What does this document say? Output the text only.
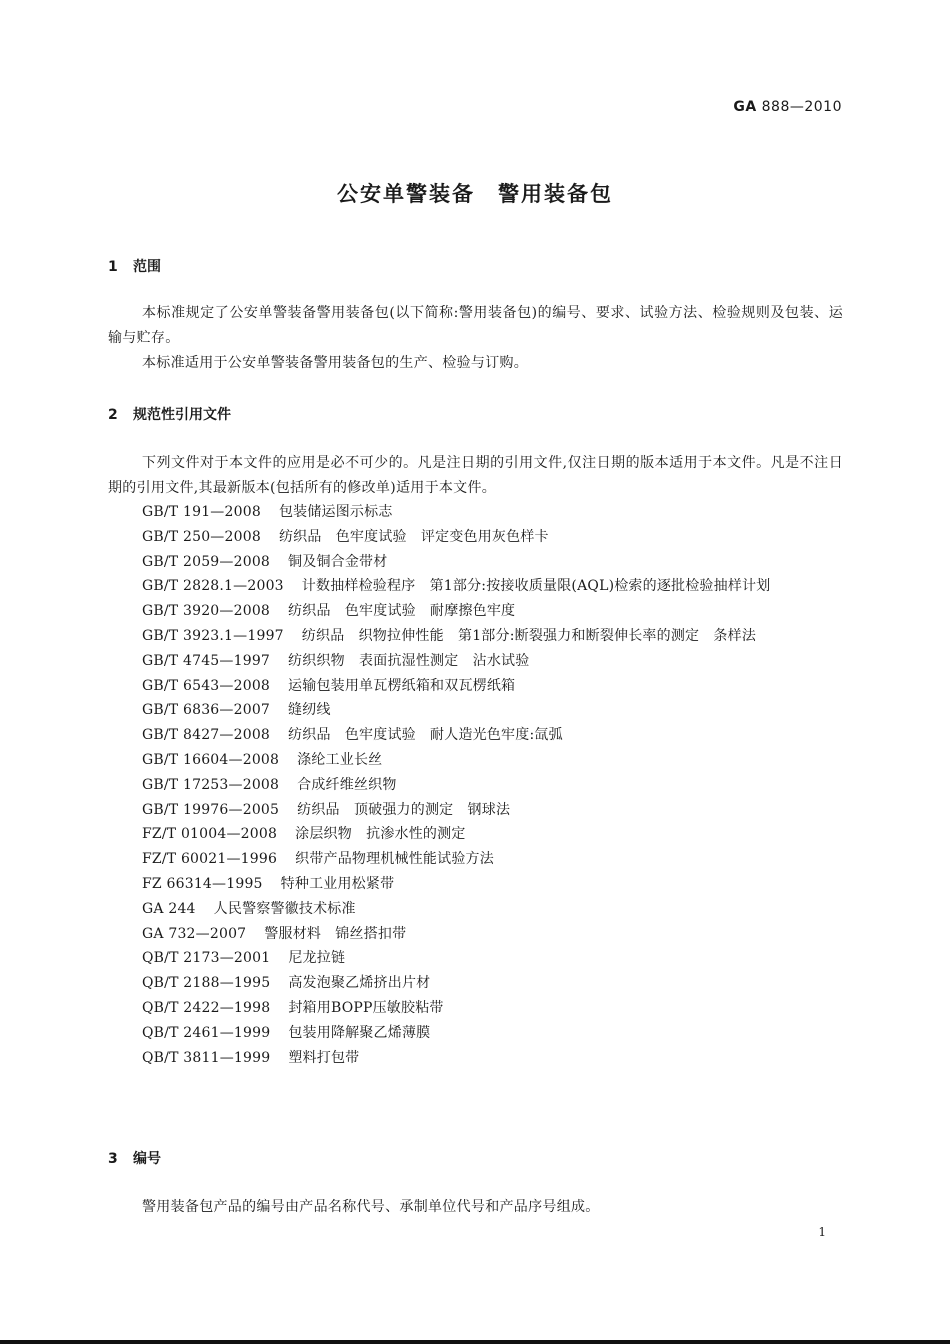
GA 888—2010
公安单警装备　警用装备包
1 范围

本标准规定了公安单警装备警用装备包(以下简称:警用装备包)的编号、要求、试验方法、检验规则及包装、运输与贮存。

本标准适用于公安单警装备警用装备包的生产、检验与订购。

2 规范性引用文件

下列文件对于本文件的应用是必不可少的。凡是注日期的引用文件,仅注日期的版本适用于本文件。凡是不注日期的引用文件,其最新版本(包括所有的修改单)适用于本文件。

GB/T 191—2008 包装储运图示标志
GB/T 250—2008 纺织品　色牢度试验　评定变色用灰色样卡
GB/T 2059—2008 铜及铜合金带材
GB/T 2828.1—2003 计数抽样检验程序　第1部分:按接收质量限(AQL)检索的逐批检验抽样计划
GB/T 3920—2008 纺织品　色牢度试验　耐摩擦色牢度
GB/T 3923.1—1997 纺织品　织物拉伸性能　第1部分:断裂强力和断裂伸长率的测定　条样法
GB/T 4745—1997 纺织织物　表面抗湿性测定　沾水试验
GB/T 6543—2008 运输包装用单瓦楞纸箱和双瓦楞纸箱
GB/T 6836—2007 缝纫线
GB/T 8427—2008 纺织品　色牢度试验　耐人造光色牢度:氙弧
GB/T 16604—2008 涤纶工业长丝
GB/T 17253—2008 合成纤维丝织物
GB/T 19976—2005 纺织品　顶破强力的测定　钢球法
FZ/T 01004—2008 涂层织物　抗渗水性的测定
FZ/T 60021—1996 织带产品物理机械性能试验方法
FZ 66314—1995 特种工业用松紧带
GA 244 人民警察警徽技术标准
GA 732—2007 警服材料　锦丝搭扣带
QB/T 2173—2001 尼龙拉链
QB/T 2188—1995 高发泡聚乙烯挤出片材
QB/T 2422—1998 封箱用BOPP压敏胶粘带
QB/T 2461—1999 包装用降解聚乙烯薄膜
QB/T 3811—1999 塑料打包带
3 编号

警用装备包产品的编号由产品名称代号、承制单位代号和产品序号组成。

1
